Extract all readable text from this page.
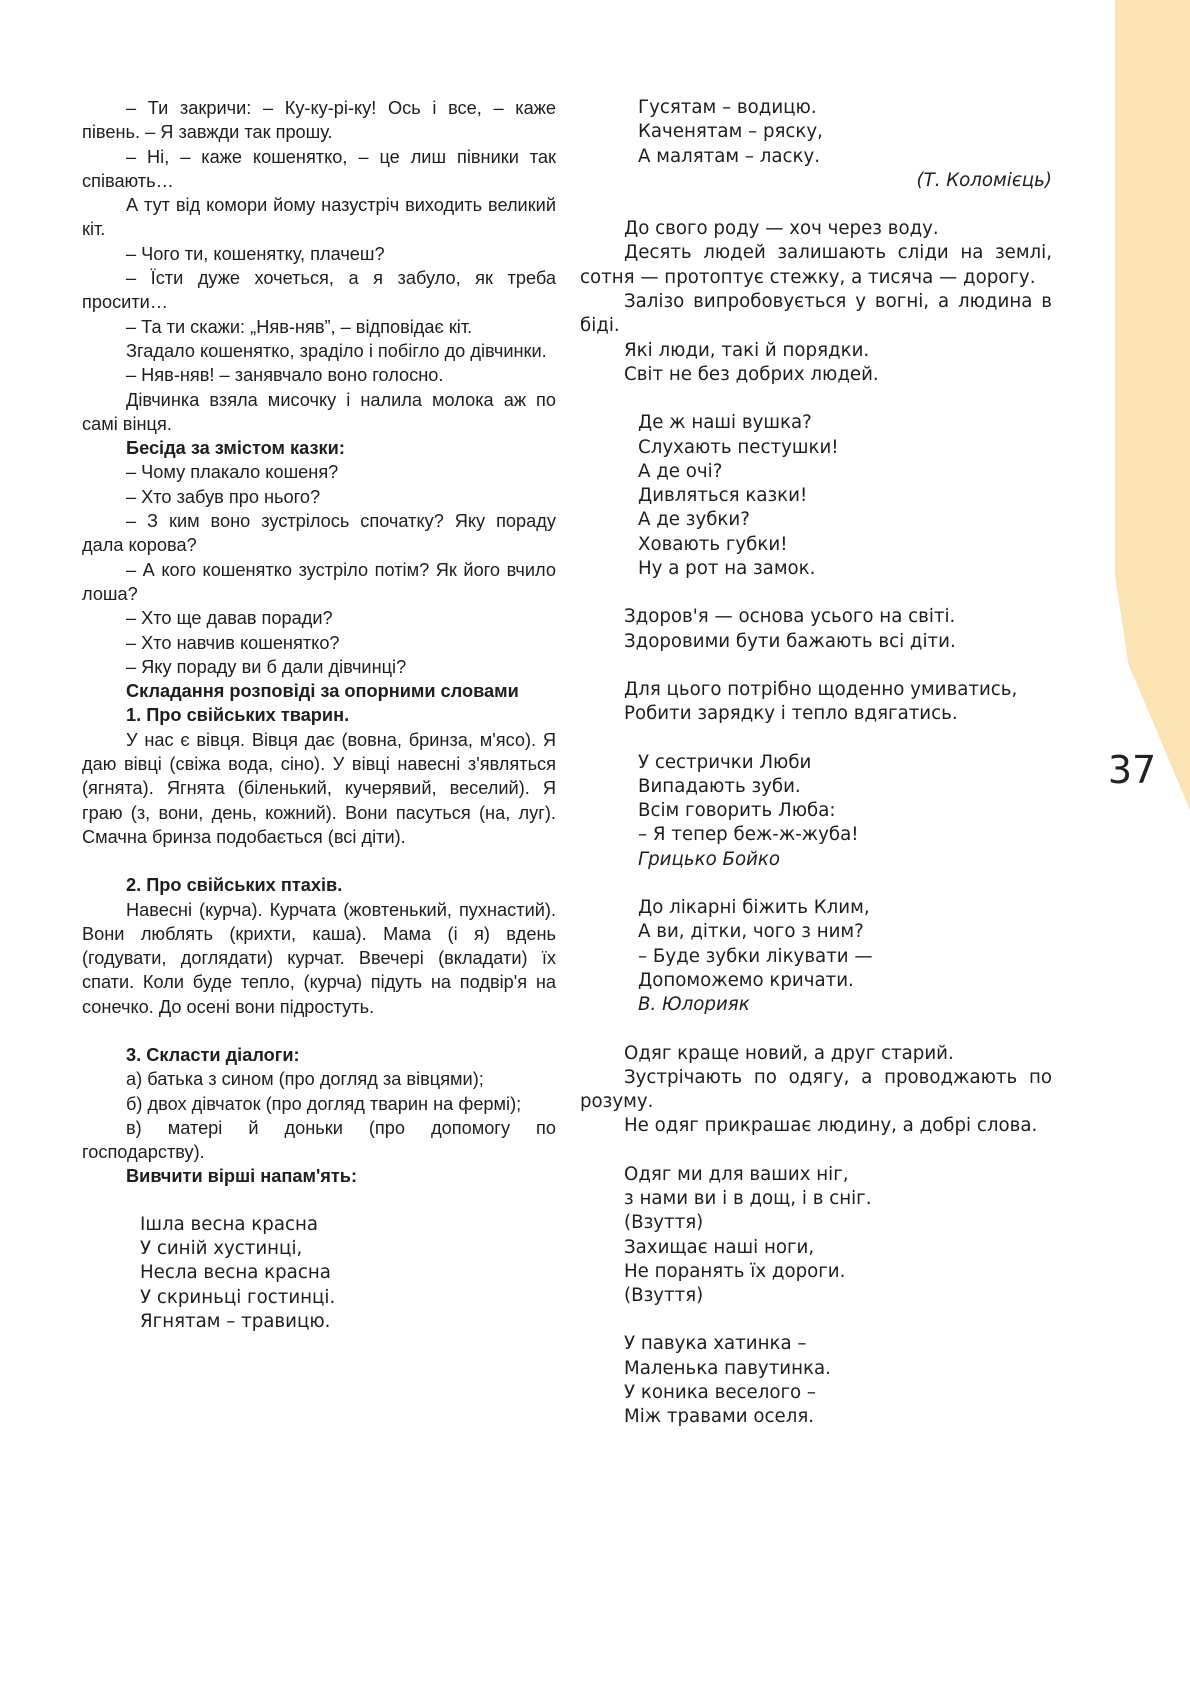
37

– Ти закричи: – Ку-ку-рі-ку! Ось і все, – каже півень. – Я завжди так прошу.

– Ні, – каже кошенятко, – це лиш півники так співають…

А тут від комори йому назустріч виходить великий кіт.

– Чого ти, кошенятку, плачеш?

– Їсти дуже хочеться, а я забуло, як треба просити…

– Та ти скажи: „Няв-няв”, – відповідає кіт.

Згадало кошенятко, зраділо і побігло до дівчинки.

– Няв-няв! – занявчало воно голосно.

Дівчинка взяла мисочку і налила молока аж по самі вінця.

Бесіда за змістом казки:

– Чому плакало кошеня?

– Хто забув про нього?

– З ким воно зустрілось спочатку? Яку пораду дала корова?

– А кого кошенятко зустріло потім? Як його вчило лоша?

– Хто ще давав поради?

– Хто навчив кошенятко?

– Яку пораду ви б дали дівчинці?

Складання розповіді за опорними словами

1. Про свійських тварин.

У нас є вівця. Вівця дає (вовна, бринза, м'ясо). Я даю вівці (свіжа вода, сіно). У вівці навесні з'являться (ягнята). Ягнята (біленький, кучерявий, веселий). Я граю (з, вони, день, кожний). Вони пасуться (на, луг). Смачна бринза подобається (всі діти).

2. Про свійських птахів.

Навесні (курча). Курчата (жовтенький, пухнастий). Вони люблять (крихти, каша). Мама (і я) вдень (годувати, доглядати) курчат. Ввечері (вкладати) їх спати. Коли буде тепло, (курча) підуть на подвір'я на сонечко. До осені вони підростуть.

3. Скласти діалоги:

а) батька з сином (про догляд за вівцями);

б) двох дівчаток (про догляд тварин на фермі);

в) матері й доньки (про допомогу по господарству).

Вивчити вірші напам'ять:

Ішла весна красна

У синій хустинці,

Несла весна красна

У скриньці гостинці.

Ягнятам – травицю.

Гусятам – водицю.

Каченятам – ряску,

А малятам – ласку.

(Т. Коломієць)

До свого роду — хоч через воду.

Десять людей залишають сліди на землі, сотня — протоптує стежку, а тисяча — дорогу.

Залізо випробовується у вогні, а людина в біді.

Які люди, такі й порядки.

Світ не без добрих людей.

Де ж наші вушка?

Слухають пестушки!

А де очі?

Дивляться казки!

А де зубки?

Ховають губки!

Ну а рот на замок.

Здоров'я — основа усього на світі.

Здоровими бути бажають всі діти.

Для цього потрібно щоденно умиватись,

Робити зарядку і тепло вдягатись.

У сестрички Люби

Випадають зуби.

Всім говорить Люба:

– Я тепер беж-ж-жуба!

Грицько Бойко

До лікарні біжить Клим,

А ви, дітки, чого з ним?

– Буде зубки лікувати —

Допоможемо кричати.

В. Юлорияк

Одяг краще новий, а друг старий.

Зустрічають по одягу, а проводжають по розуму.

Не одяг прикрашає людину, а добрі слова.

Одяг ми для ваших ніг,

з нами ви і в дощ, і в сніг.

(Взуття)

Захищає наші ноги,

Не поранять їх дороги.

(Взуття)

У павука хатинка –

Маленька павутинка.

У коника веселого –

Між травами оселя.
